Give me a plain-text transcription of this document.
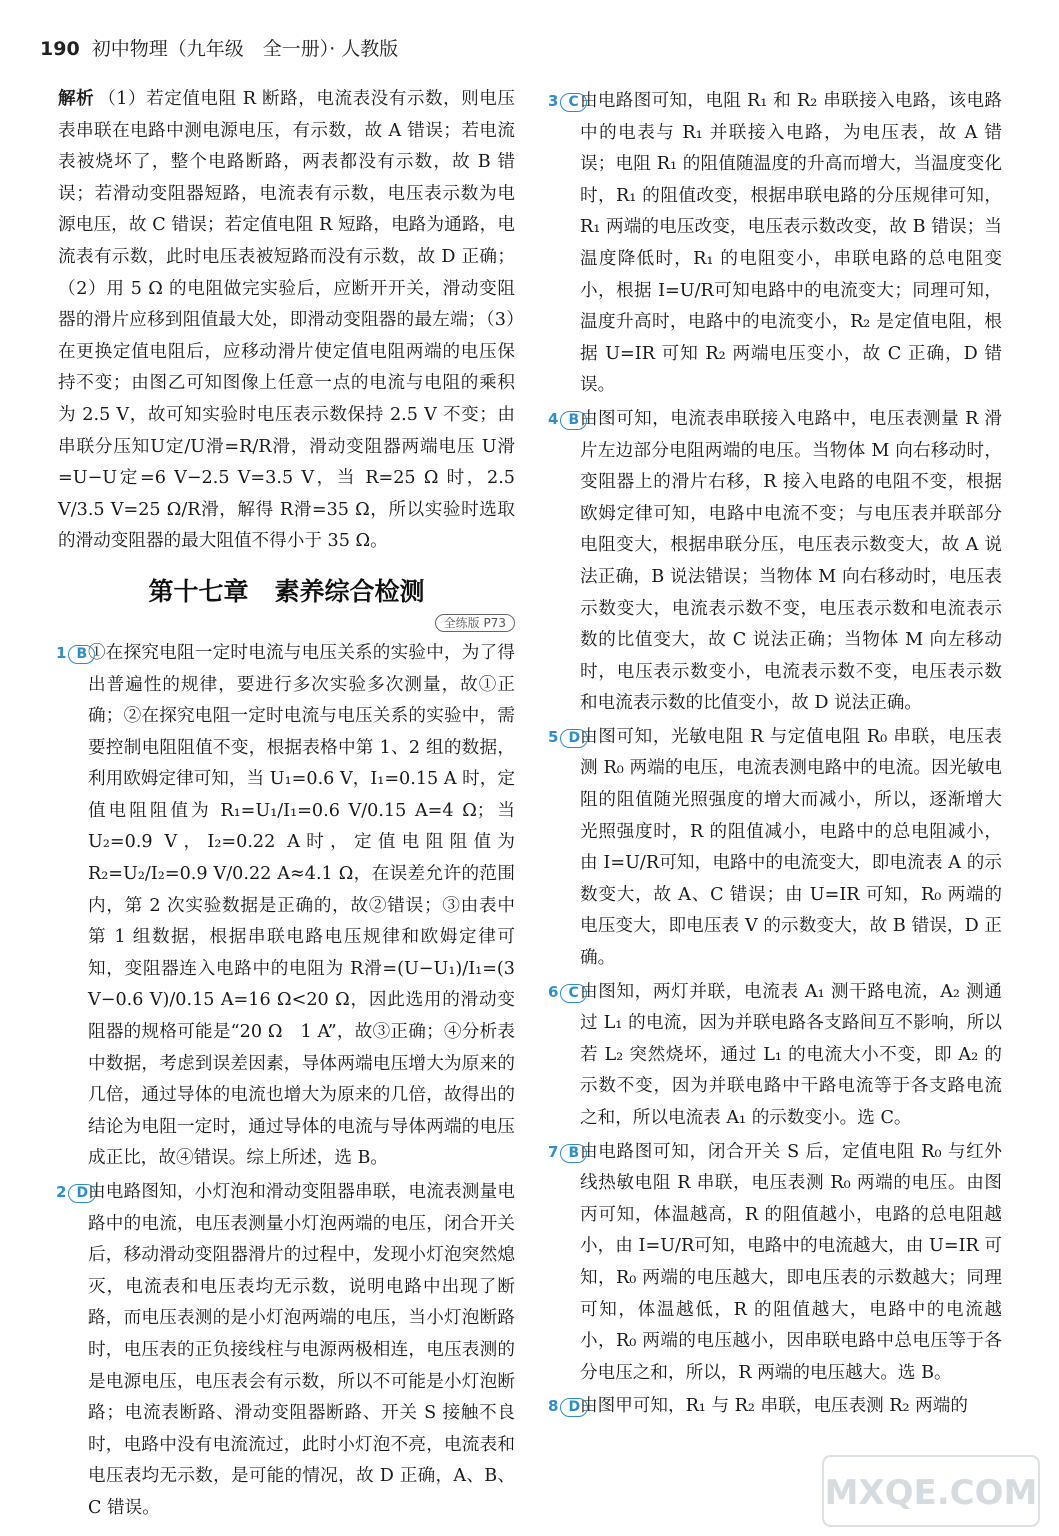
190 初中物理（九年级　全一册）· 人教版

解析 （1）若定值电阻 R 断路，电流表没有示数，则电压表串联在电路中测电源电压，有示数，故 A 错误；若电流表被烧坏了，整个电路断路，两表都没有示数，故 B 错误；若滑动变阻器短路，电流表有示数，电压表示数为电源电压，故 C 错误；若定值电阻 R 短路，电路为通路，电流表有示数，此时电压表被短路而没有示数，故 D 正确；（2）用 5 Ω 的电阻做完实验后，应断开开关，滑动变阻器的滑片应移到阻值最大处，即滑动变阻器的最左端；（3）在更换定值电阻后，应移动滑片使定值电阻两端的电压保持不变；由图乙可知图像上任意一点的电流与电阻的乘积为 2.5 V，故可知实验时电压表示数保持 2.5 V 不变；由串联分压知U定/U滑=R/R滑，滑动变阻器两端电压 U滑=U−U定=6 V−2.5 V=3.5 V，当 R=25 Ω 时，2.5 V/3.5 V=25 Ω/R滑，解得 R滑=35 Ω，所以实验时选取的滑动变阻器的最大阻值不得小于 35 Ω。

第十七章 素养综合检测
全练版 P73
1 B ①在探究电阻一定时电流与电压关系的实验中，为了得出普遍性的规律，要进行多次实验多次测量，故①正确；②在探究电阻一定时电流与电压关系的实验中，需要控制电阻阻值不变，根据表格中第 1、2 组的数据，利用欧姆定律可知，当 U₁=0.6 V，I₁=0.15 A 时，定值电阻阻值为 R₁=U₁/I₁=0.6 V/0.15 A=4 Ω；当 U₂=0.9 V，I₂=0.22 A时，定值电阻阻值为 R₂=U₂/I₂=0.9 V/0.22 A≈4.1 Ω，在误差允许的范围内，第 2 次实验数据是正确的，故②错误；③由表中第 1 组数据，根据串联电路电压规律和欧姆定律可知，变阻器连入电路中的电阻为 R滑=(U−U₁)/I₁=(3 V−0.6 V)/0.15 A=16 Ω<20 Ω，因此选用的滑动变阻器的规格可能是“20 Ω　1 A”，故③正确；④分析表中数据，考虑到误差因素，导体两端电压增大为原来的几倍，通过导体的电流也增大为原来的几倍，故得出的结论为电阻一定时，通过导体的电流与导体两端的电压成正比，故④错误。综上所述，选 B。
2 D 由电路图知，小灯泡和滑动变阻器串联，电流表测量电路中的电流，电压表测量小灯泡两端的电压，闭合开关后，移动滑动变阻器滑片的过程中，发现小灯泡突然熄灭，电流表和电压表均无示数，说明电路中出现了断路，而电压表测的是小灯泡两端的电压，当小灯泡断路时，电压表的正负接线柱与电源两极相连，电压表测的是电源电压，电压表会有示数，所以不可能是小灯泡断路；电流表断路、滑动变阻器断路、开关 S 接触不良时，电路中没有电流流过，此时小灯泡不亮，电流表和电压表均无示数，是可能的情况，故 D 正确，A、B、C 错误。
3 C 由电路图可知，电阻 R₁ 和 R₂ 串联接入电路，该电路中的电表与 R₁ 并联接入电路，为电压表，故 A 错误；电阻 R₁ 的阻值随温度的升高而增大，当温度变化时，R₁ 的阻值改变，根据串联电路的分压规律可知，R₁ 两端的电压改变，电压表示数改变，故 B 错误；当温度降低时，R₁ 的电阻变小，串联电路的总电阻变小，根据 I=U/R可知电路中的电流变大；同理可知，温度升高时，电路中的电流变小，R₂ 是定值电阻，根据 U=IR 可知 R₂ 两端电压变小，故 C 正确，D 错误。
4 B 由图可知，电流表串联接入电路中，电压表测量 R 滑片左边部分电阻两端的电压。当物体 M 向右移动时，变阻器上的滑片右移，R 接入电路的电阻不变，根据欧姆定律可知，电路中电流不变；与电压表并联部分电阻变大，根据串联分压，电压表示数变大，故 A 说法正确，B 说法错误；当物体 M 向右移动时，电压表示数变大，电流表示数不变，电压表示数和电流表示数的比值变大，故 C 说法正确；当物体 M 向左移动时，电压表示数变小，电流表示数不变，电压表示数和电流表示数的比值变小，故 D 说法正确。
5 D 由图可知，光敏电阻 R 与定值电阻 R₀ 串联，电压表测 R₀ 两端的电压，电流表测电路中的电流。因光敏电阻的阻值随光照强度的增大而减小，所以，逐渐增大光照强度时，R 的阻值减小，电路中的总电阻减小，由 I=U/R可知，电路中的电流变大，即电流表 A 的示数变大，故 A、C 错误；由 U=IR 可知，R₀ 两端的电压变大，即电压表 V 的示数变大，故 B 错误，D 正确。
6 C 由图知，两灯并联，电流表 A₁ 测干路电流，A₂ 测通过 L₁ 的电流，因为并联电路各支路间互不影响，所以若 L₂ 突然烧坏，通过 L₁ 的电流大小不变，即 A₂ 的示数不变，因为并联电路中干路电流等于各支路电流之和，所以电流表 A₁ 的示数变小。选 C。
7 B 由电路图可知，闭合开关 S 后，定值电阻 R₀ 与红外线热敏电阻 R 串联，电压表测 R₀ 两端的电压。由图丙可知，体温越高，R 的阻值越小，电路的总电阻越小，由 I=U/R可知，电路中的电流越大，由 U=IR 可知，R₀ 两端的电压越大，即电压表的示数越大；同理可知，体温越低，R 的阻值越大，电路中的电流越小，R₀ 两端的电压越小，因串联电路中总电压等于各分电压之和，所以，R 两端的电压越大。选 B。
8 D 由图甲可知，R₁ 与 R₂ 串联，电压表测 R₂ 两端的
MXQE.COM
